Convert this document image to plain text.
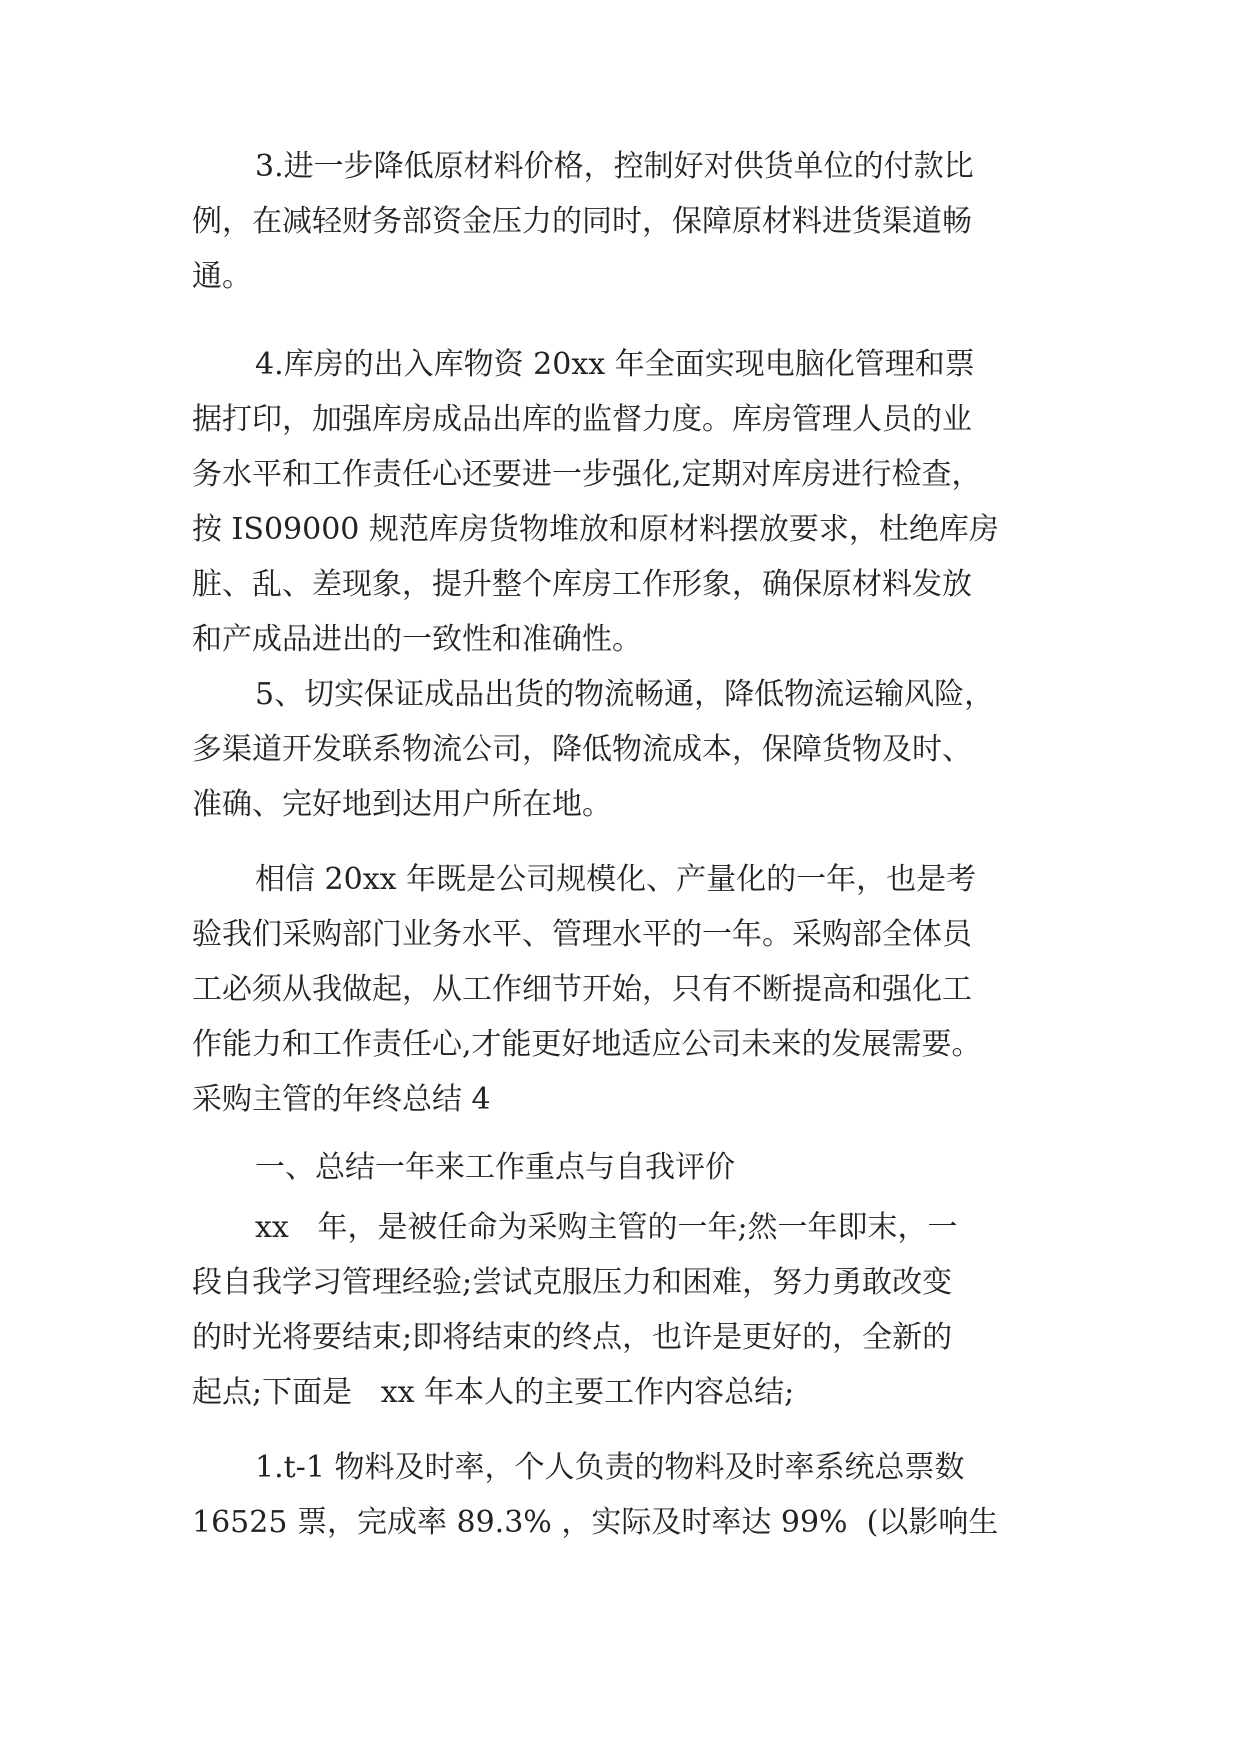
3.进一步降低原材料价格，控制好对供货单位的付款比

例，在减轻财务部资金压力的同时，保障原材料进货渠道畅

通。

4.库房的出入库物资 20xx 年全面实现电脑化管理和票

据打印，加强库房成品出库的监督力度。库房管理人员的业

务水平和工作责任心还要进一步强化,定期对库房进行检查，

按 IS09000 规范库房货物堆放和原材料摆放要求，杜绝库房

脏、乱、差现象，提升整个库房工作形象，确保原材料发放

和产成品进出的一致性和准确性。

5、切实保证成品出货的物流畅通，降低物流运输风险，

多渠道开发联系物流公司，降低物流成本，保障货物及时、

准确、完好地到达用户所在地。

相信 20xx 年既是公司规模化、产量化的一年，也是考

验我们采购部门业务水平、管理水平的一年。采购部全体员

工必须从我做起，从工作细节开始，只有不断提高和强化工

作能力和工作责任心,才能更好地适应公司未来的发展需要。

采购主管的年终总结 4

一、总结一年来工作重点与自我评价

xx   年，是被任命为采购主管的一年;然一年即末，一

段自我学习管理经验;尝试克服压力和困难，努力勇敢改变

的时光将要结束;即将结束的终点，也许是更好的，全新的

起点;下面是   xx 年本人的主要工作内容总结;

1.t-1 物料及时率，个人负责的物料及时率系统总票数

16525 票，完成率 89.3% ，实际及时率达 99%  (以影响生
